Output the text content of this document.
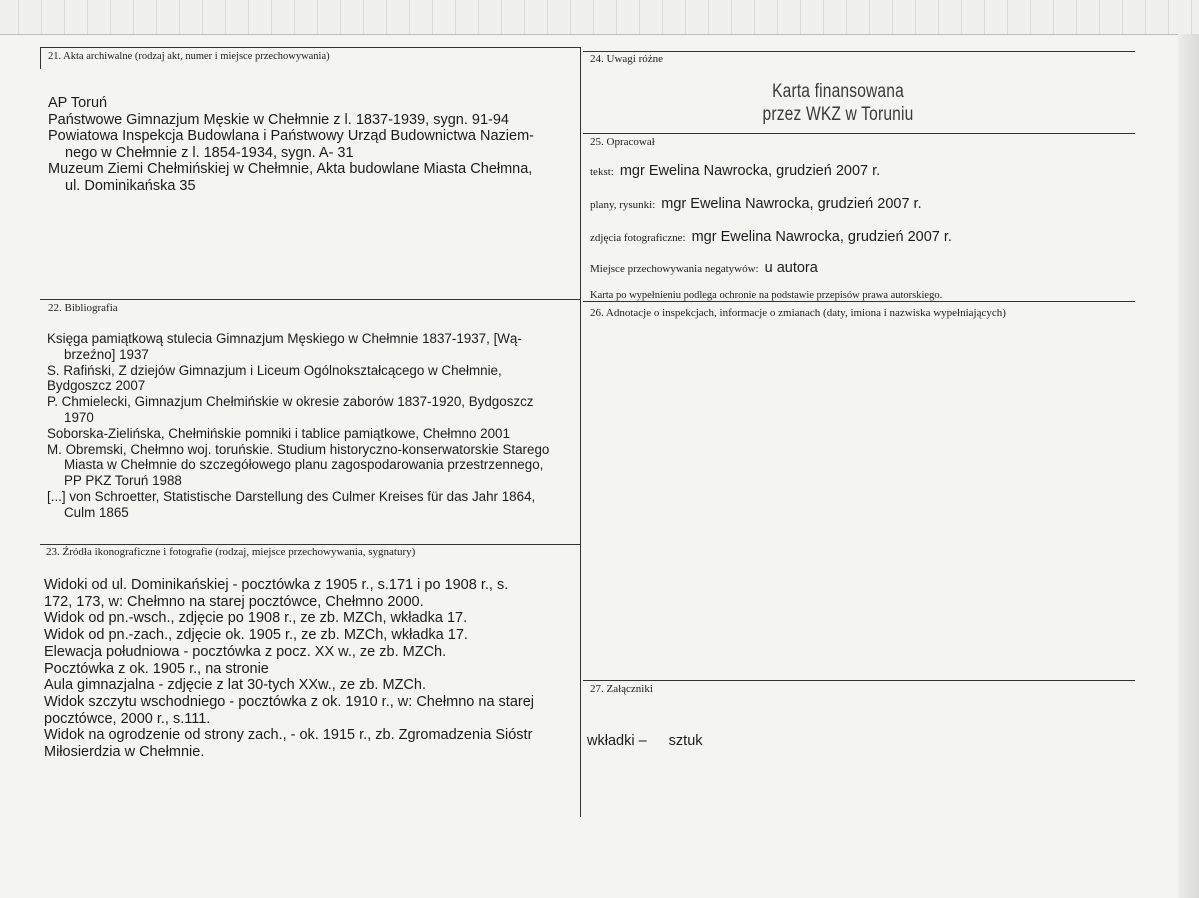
21. Akta archiwalne (rodzaj akt, numer i miejsce przechowywania)
AP Toruń
Państwowe Gimnazjum Męskie w Chełmnie z l. 1837-1939, sygn. 91-94
Powiatowa Inspekcja Budowlana i Państwowy Urząd Budownictwa Naziem-
nego w Chełmnie z l. 1854-1934, sygn. A- 31
Muzeum Ziemi Chełmińskiej w Chełmnie, Akta budowlane Miasta Chełmna,
ul. Dominikańska 35
22. Bibliografia
Księga pamiątkową stulecia Gimnazjum Męskiego w Chełmnie 1837-1937, [Wą-
brzeźno] 1937
S. Rafiński, Z dziejów Gimnazjum i Liceum Ogólnokształcącego w Chełmnie,
Bydgoszcz 2007
P. Chmielecki, Gimnazjum Chełmińskie w okresie zaborów 1837-1920, Bydgoszcz
1970
Soborska-Zielińska, Chełmińskie pomniki i tablice pamiątkowe, Chełmno 2001
M. Obremski, Chełmno woj. toruńskie. Studium historyczno-konserwatorskie Starego
Miasta w Chełmnie do szczegółowego planu zagospodarowania przestrzennego,
PP PKZ Toruń 1988
[...] von Schroetter, Statistische Darstellung des Culmer Kreises für das Jahr 1864,
Culm 1865
23. Źródła ikonograficzne i fotografie (rodzaj, miejsce przechowywania, sygnatury)
Widoki od ul. Dominikańskiej - pocztówka z 1905 r., s.171 i po 1908 r., s.
172, 173, w: Chełmno na starej pocztówce, Chełmno 2000.
Widok od pn.-wsch., zdjęcie po 1908 r., ze zb. MZCh, wkładka 17.
Widok od pn.-zach., zdjęcie ok. 1905 r., ze zb. MZCh, wkładka 17.
Elewacja południowa - pocztówka z pocz. XX w., ze zb. MZCh.
Pocztówka z ok. 1905 r., na stronie
Aula gimnazjalna - zdjęcie z lat 30-tych XXw., ze zb. MZCh.
Widok szczytu wschodniego - pocztówka z ok. 1910 r., w: Chełmno na starej
pocztówce, 2000 r., s.111.
Widok na ogrodzenie od strony zach., - ok. 1915 r., zb. Zgromadzenia Sióstr
Miłosierdzia w Chełmnie.
24. Uwagi różne
Karta finansowana
przez WKZ w Toruniu
25. Opracował
tekst: mgr Ewelina Nawrocka, grudzień 2007 r.
plany, rysunki: mgr Ewelina Nawrocka, grudzień 2007 r.
zdjęcia fotograficzne: mgr Ewelina Nawrocka, grudzień 2007 r.
Miejsce przechowywania negatywów: u autora
Karta po wypełnieniu podlega ochronie na podstawie przepisów prawa autorskiego.
26. Adnotacje o inspekcjach, informacje o zmianach (daty, imiona i nazwiska wypełniających)
27. Załączniki
wkładki – sztuk
